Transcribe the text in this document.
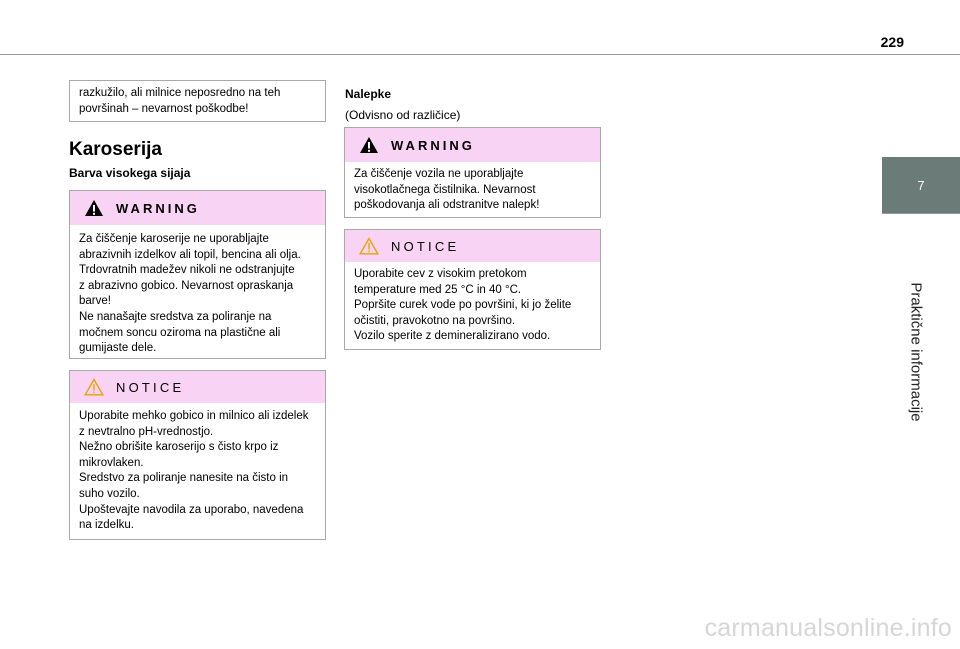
229
7
Praktične informacije
razkužilo, ali milnice neposredno na teh
površinah – nevarnost poškodbe!
Karoserija
Barva visokega sijaja
WARNING
Za čiščenje karoserije ne uporabljajte
abrazivnih izdelkov ali topil, bencina ali olja.
Trdovratnih madežev nikoli ne odstranjujte
z abrazivno gobico. Nevarnost opraskanja
barve!
Ne nanašajte sredstva za poliranje na
močnem soncu oziroma na plastične ali
gumijaste dele.
NOTICE
Uporabite mehko gobico in milnico ali izdelek
z nevtralno pH-vrednostjo.
Nežno obrišite karoserijo s čisto krpo iz
mikrovlaken.
Sredstvo za poliranje nanesite na čisto in
suho vozilo.
Upoštevajte navodila za uporabo, navedena
na izdelku.
Nalepke
(Odvisno od različice)
WARNING
Za čiščenje vozila ne uporabljajte
visokotlačnega čistilnika. Nevarnost
poškodovanja ali odstranitve nalepk!
NOTICE
Uporabite cev z visokim pretokom
temperature med 25 °C in 40 °C.
Popršite curek vode po površini, ki jo želite
očistiti, pravokotno na površino.
Vozilo sperite z demineralizirano vodo.
carmanualsonline.info
